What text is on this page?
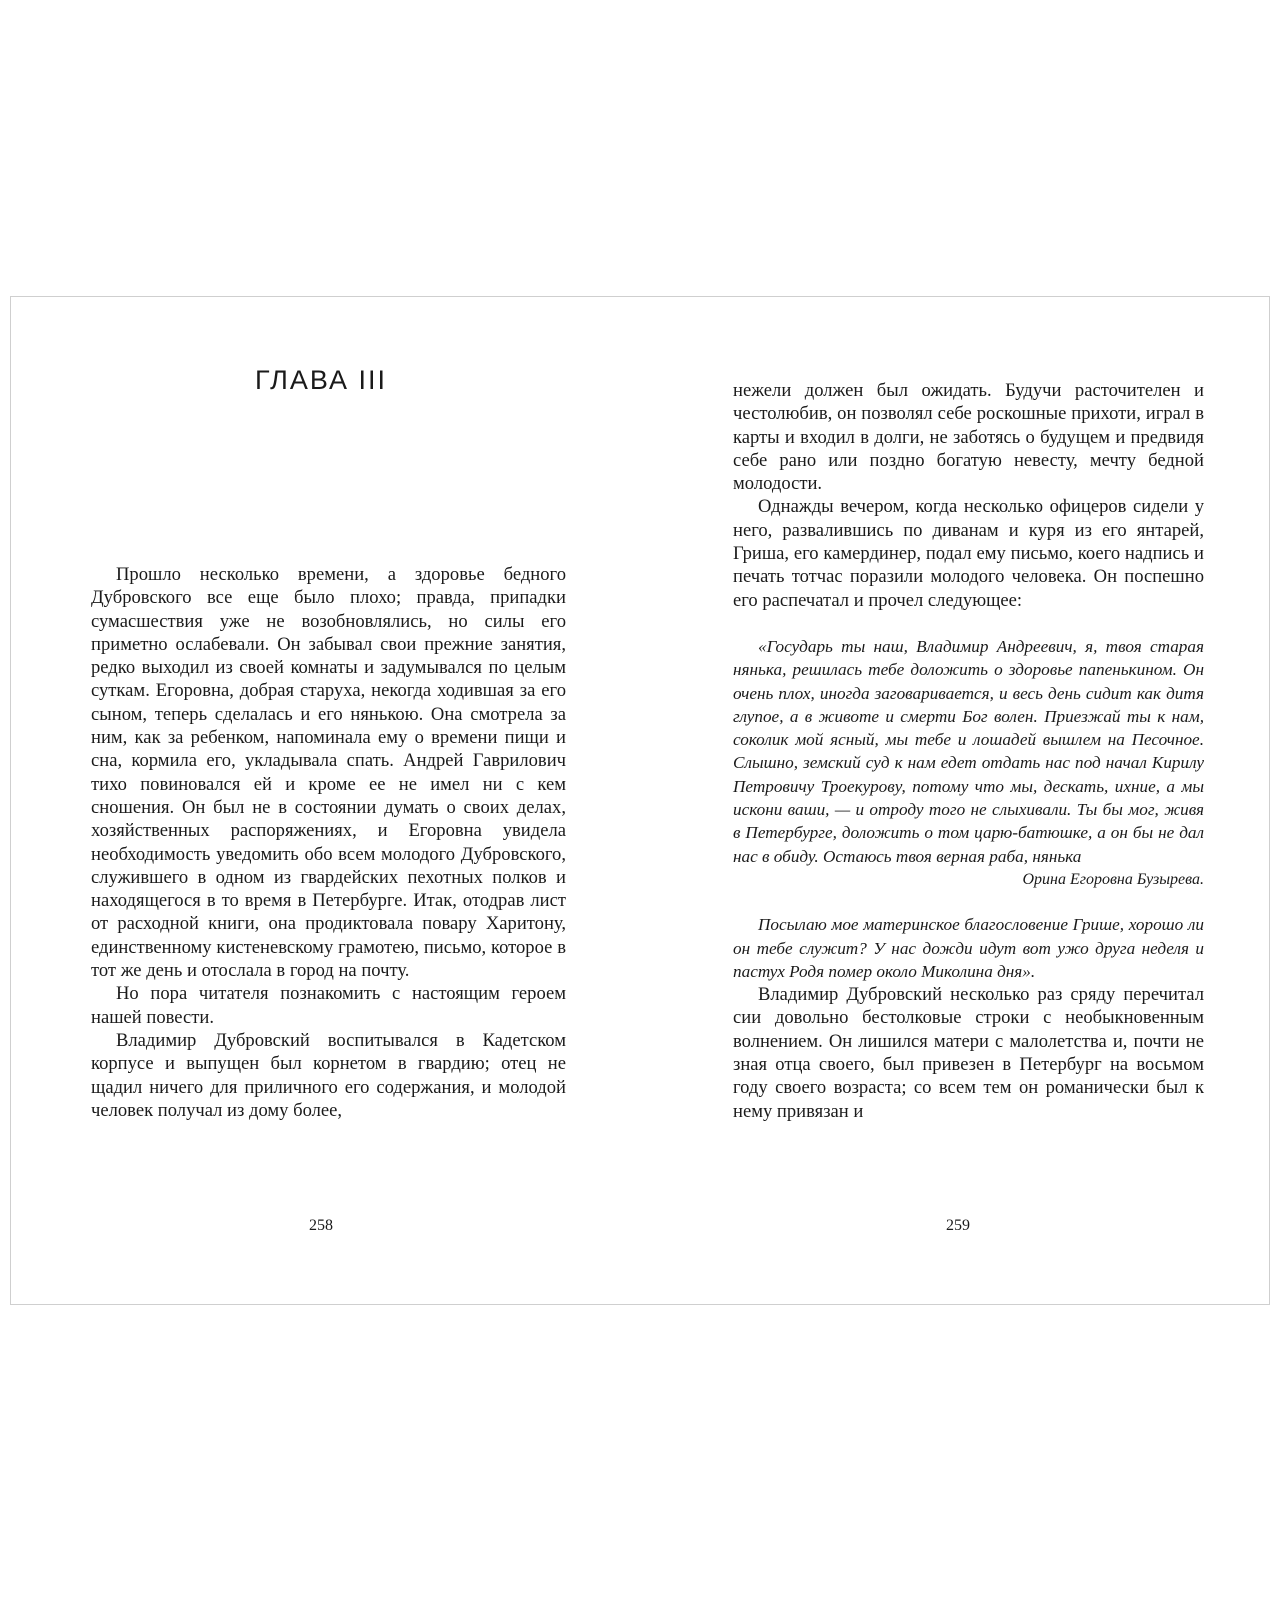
ГЛАВА III

Прошло несколько времени, а здоровье бедного Дубровского все еще было плохо; правда, припадки сумасшествия уже не возобновлялись, но силы его приметно ослабевали. Он забывал свои прежние занятия, редко выходил из своей комнаты и задумывался по целым суткам. Егоровна, добрая старуха, некогда ходившая за его сыном, теперь сделалась и его нянькою. Она смотрела за ним, как за ребенком, напоминала ему о времени пищи и сна, кормила его, укладывала спать. Андрей Гаврилович тихо повиновался ей и кроме ее не имел ни с кем сношения. Он был не в состоянии думать о своих делах, хозяйственных распоряжениях, и Егоровна увидела необходимость уведомить обо всем молодого Дубровского, служившего в одном из гвардейских пехотных полков и находящегося в то время в Петербурге. Итак, отодрав лист от расходной книги, она продиктовала повару Харитону, единственному кистеневскому грамотею, письмо, которое в тот же день и отослала в город на почту.

Но пора читателя познакомить с настоящим героем нашей повести.

Владимир Дубровский воспитывался в Кадетском корпусе и выпущен был корнетом в гвардию; отец не щадил ничего для приличного его содержания, и молодой человек получал из дому более,

258

нежели должен был ожидать. Будучи расточителен и честолюбив, он позволял себе роскошные прихоти, играл в карты и входил в долги, не заботясь о будущем и предвидя себе рано или поздно богатую невесту, мечту бедной молодости.

Однажды вечером, когда несколько офицеров сидели у него, развалившись по диванам и куря из его янтарей, Гриша, его камердинер, подал ему письмо, коего надпись и печать тотчас поразили молодого человека. Он поспешно его распечатал и прочел следующее:

«Государь ты наш, Владимир Андреевич, я, твоя старая нянька, решилась тебе доложить о здоровье папенькином. Он очень плох, иногда заговаривается, и весь день сидит как дитя глупое, а в животе и смерти Бог волен. Приезжай ты к нам, соколик мой ясный, мы тебе и лошадей вышлем на Песочное. Слышно, земский суд к нам едет отдать нас под начал Кирилу Петровичу Троекурову, потому что мы, дескать, ихние, а мы искони ваши, — и отроду того не слыхивали. Ты бы мог, живя в Петербурге, доложить о том царю-батюшке, а он бы не дал нас в обиду. Остаюсь твоя верная раба, нянька

Орина Егоровна Бузырева.

Посылаю мое материнское благословение Грише, хорошо ли он тебе служит? У нас дожди идут вот ужо друга неделя и пастух Родя помер около Миколина дня».

Владимир Дубровский несколько раз сряду перечитал сии довольно бестолковые строки с необыкновенным волнением. Он лишился матери с малолетства и, почти не зная отца своего, был привезен в Петербург на восьмом году своего возраста; со всем тем он романически был к нему привязан и

259
